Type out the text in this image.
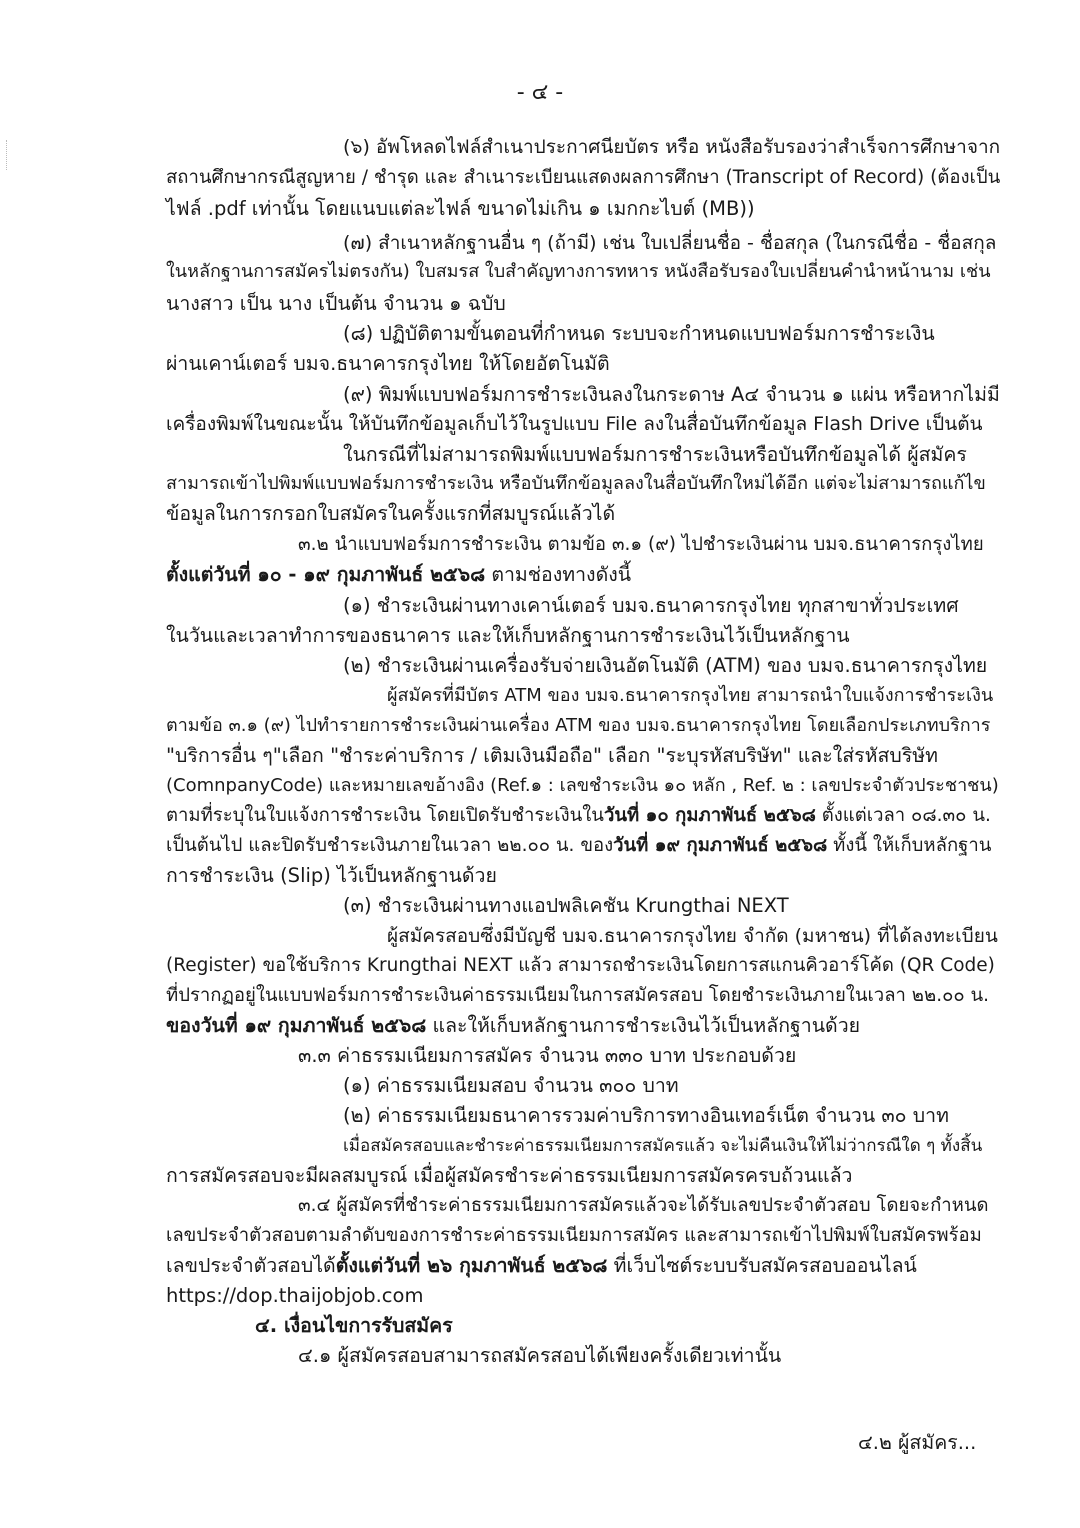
- ๔ -
(๖) อัพโหลดไฟล์สำเนาประกาศนียบัตร หรือ หนังสือรับรองว่าสำเร็จการศึกษาจาก
สถานศึกษากรณีสูญหาย / ชำรุด และ สำเนาระเบียนแสดงผลการศึกษา (Transcript of Record) (ต้องเป็น
ไฟล์ .pdf เท่านั้น โดยแนบแต่ละไฟล์ ขนาดไม่เกิน ๑ เมกกะไบต์ (MB))
(๗) สำเนาหลักฐานอื่น ๆ (ถ้ามี) เช่น ใบเปลี่ยนชื่อ - ชื่อสกุล (ในกรณีชื่อ - ชื่อสกุล
ในหลักฐานการสมัครไม่ตรงกัน) ใบสมรส ใบสำคัญทางการทหาร หนังสือรับรองใบเปลี่ยนคำนำหน้านาม เช่น
นางสาว เป็น นาง เป็นต้น จำนวน ๑ ฉบับ
(๘) ปฏิบัติตามขั้นตอนที่กำหนด ระบบจะกำหนดแบบฟอร์มการชำระเงิน
ผ่านเคาน์เตอร์ บมจ.ธนาคารกรุงไทย ให้โดยอัตโนมัติ
(๙) พิมพ์แบบฟอร์มการชำระเงินลงในกระดาษ A๔ จำนวน ๑ แผ่น หรือหากไม่มี
เครื่องพิมพ์ในขณะนั้น ให้บันทึกข้อมูลเก็บไว้ในรูปแบบ File ลงในสื่อบันทึกข้อมูล Flash Drive เป็นต้น
ในกรณีที่ไม่สามารถพิมพ์แบบฟอร์มการชำระเงินหรือบันทึกข้อมูลได้ ผู้สมัคร
สามารถเข้าไปพิมพ์แบบฟอร์มการชำระเงิน หรือบันทึกข้อมูลลงในสื่อบันทึกใหม่ได้อีก แต่จะไม่สามารถแก้ไข
ข้อมูลในการกรอกใบสมัครในครั้งแรกที่สมบูรณ์แล้วได้
๓.๒ นำแบบฟอร์มการชำระเงิน ตามข้อ ๓.๑ (๙) ไปชำระเงินผ่าน บมจ.ธนาคารกรุงไทย
ตั้งแต่วันที่ ๑๐ - ๑๙ กุมภาพันธ์ ๒๕๖๘ ตามช่องทางดังนี้
(๑) ชำระเงินผ่านทางเคาน์เตอร์ บมจ.ธนาคารกรุงไทย ทุกสาขาทั่วประเทศ
ในวันและเวลาทำการของธนาคาร และให้เก็บหลักฐานการชำระเงินไว้เป็นหลักฐาน
(๒) ชำระเงินผ่านเครื่องรับจ่ายเงินอัตโนมัติ (ATM) ของ บมจ.ธนาคารกรุงไทย
ผู้สมัครที่มีบัตร ATM ของ บมจ.ธนาคารกรุงไทย สามารถนำใบแจ้งการชำระเงิน
ตามข้อ ๓.๑ (๙) ไปทำรายการชำระเงินผ่านเครื่อง ATM ของ บมจ.ธนาคารกรุงไทย โดยเลือกประเภทบริการ
"บริการอื่น ๆ"เลือก "ชำระค่าบริการ / เติมเงินมือถือ" เลือก "ระบุรหัสบริษัท" และใส่รหัสบริษัท
(ComnpanyCode) และหมายเลขอ้างอิง (Ref.๑ : เลขชำระเงิน ๑๐ หลัก , Ref. ๒ : เลขประจำตัวประชาชน)
ตามที่ระบุในใบแจ้งการชำระเงิน โดยเปิดรับชำระเงินในวันที่ ๑๐ กุมภาพันธ์ ๒๕๖๘ ตั้งแต่เวลา ๐๘.๓๐ น.
เป็นต้นไป และปิดรับชำระเงินภายในเวลา ๒๒.๐๐ น. ของวันที่ ๑๙ กุมภาพันธ์ ๒๕๖๘ ทั้งนี้ ให้เก็บหลักฐาน
การชำระเงิน (Slip) ไว้เป็นหลักฐานด้วย
(๓) ชำระเงินผ่านทางแอปพลิเคชัน Krungthai NEXT
ผู้สมัครสอบซึ่งมีบัญชี บมจ.ธนาคารกรุงไทย จำกัด (มหาชน) ที่ได้ลงทะเบียน
(Register) ขอใช้บริการ Krungthai NEXT แล้ว สามารถชำระเงินโดยการสแกนคิวอาร์โค้ด (QR Code)
ที่ปรากฏอยู่ในแบบฟอร์มการชำระเงินค่าธรรมเนียมในการสมัครสอบ โดยชำระเงินภายในเวลา ๒๒.๐๐ น.
ของวันที่ ๑๙ กุมภาพันธ์ ๒๕๖๘ และให้เก็บหลักฐานการชำระเงินไว้เป็นหลักฐานด้วย
๓.๓ ค่าธรรมเนียมการสมัคร จำนวน ๓๓๐ บาท ประกอบด้วย
(๑) ค่าธรรมเนียมสอบ จำนวน ๓๐๐ บาท
(๒) ค่าธรรมเนียมธนาคารรวมค่าบริการทางอินเทอร์เน็ต จำนวน ๓๐ บาท
เมื่อสมัครสอบและชำระค่าธรรมเนียมการสมัครแล้ว จะไม่คืนเงินให้ไม่ว่ากรณีใด ๆ ทั้งสิ้น
การสมัครสอบจะมีผลสมบูรณ์ เมื่อผู้สมัครชำระค่าธรรมเนียมการสมัครครบถ้วนแล้ว
๓.๔ ผู้สมัครที่ชำระค่าธรรมเนียมการสมัครแล้วจะได้รับเลขประจำตัวสอบ โดยจะกำหนด
เลขประจำตัวสอบตามลำดับของการชำระค่าธรรมเนียมการสมัคร และสามารถเข้าไปพิมพ์ใบสมัครพร้อม
เลขประจำตัวสอบได้ตั้งแต่วันที่ ๒๖ กุมภาพันธ์ ๒๕๖๘ ที่เว็บไซต์ระบบรับสมัครสอบออนไลน์
https://dop.thaijobjob.com
๔. เงื่อนไขการรับสมัคร
๔.๑ ผู้สมัครสอบสามารถสมัครสอบได้เพียงครั้งเดียวเท่านั้น
๔.๒ ผู้สมัคร...
